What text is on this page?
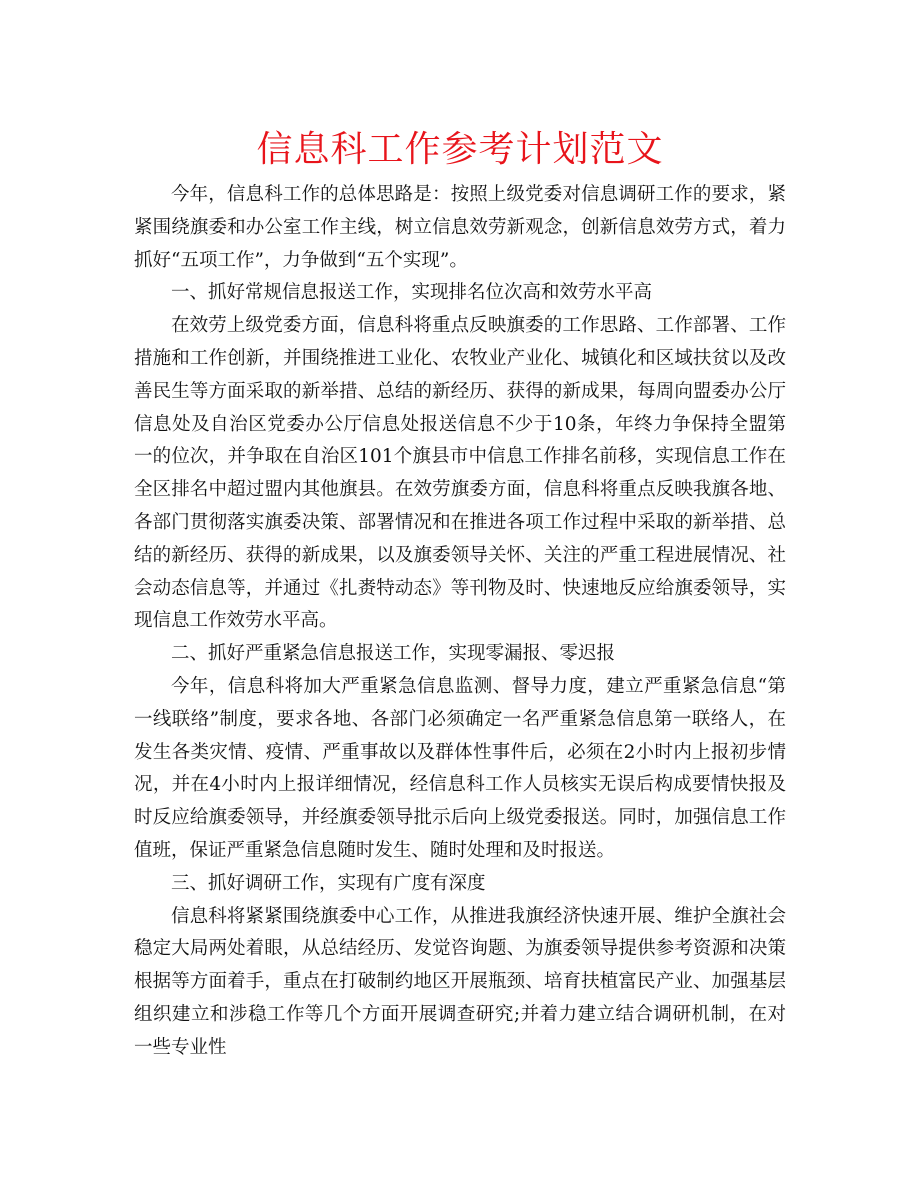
信息科工作参考计划范文

今年，信息科工作的总体思路是：按照上级党委对信息调研工作的要求，紧紧围绕旗委和办公室工作主线，树立信息效劳新观念，创新信息效劳方式，着力抓好“五项工作”，力争做到“五个实现”。

一、抓好常规信息报送工作，实现排名位次高和效劳水平高

在效劳上级党委方面，信息科将重点反映旗委的工作思路、工作部署、工作措施和工作创新，并围绕推进工业化、农牧业产业化、城镇化和区域扶贫以及改善民生等方面采取的新举措、总结的新经历、获得的新成果，每周向盟委办公厅信息处及自治区党委办公厅信息处报送信息不少于10条，年终力争保持全盟第一的位次，并争取在自治区101个旗县市中信息工作排名前移，实现信息工作在全区排名中超过盟内其他旗县。在效劳旗委方面，信息科将重点反映我旗各地、各部门贯彻落实旗委决策、部署情况和在推进各项工作过程中采取的新举措、总结的新经历、获得的新成果，以及旗委领导关怀、关注的严重工程进展情况、社会动态信息等，并通过《扎赉特动态》等刊物及时、快速地反应给旗委领导，实现信息工作效劳水平高。

二、抓好严重紧急信息报送工作，实现零漏报、零迟报

今年，信息科将加大严重紧急信息监测、督导力度，建立严重紧急信息“第一线联络”制度，要求各地、各部门必须确定一名严重紧急信息第一联络人，在发生各类灾情、疫情、严重事故以及群体性事件后，必须在2小时内上报初步情况，并在4小时内上报详细情况，经信息科工作人员核实无误后构成要情快报及时反应给旗委领导，并经旗委领导批示后向上级党委报送。同时，加强信息工作值班，保证严重紧急信息随时发生、随时处理和及时报送。

三、抓好调研工作，实现有广度有深度

信息科将紧紧围绕旗委中心工作，从推进我旗经济快速开展、维护全旗社会稳定大局两处着眼，从总结经历、发觉咨询题、为旗委领导提供参考资源和决策根据等方面着手，重点在打破制约地区开展瓶颈、培育扶植富民产业、加强基层组织建立和涉稳工作等几个方面开展调查研究;并着力建立结合调研机制，在对一些专业性
